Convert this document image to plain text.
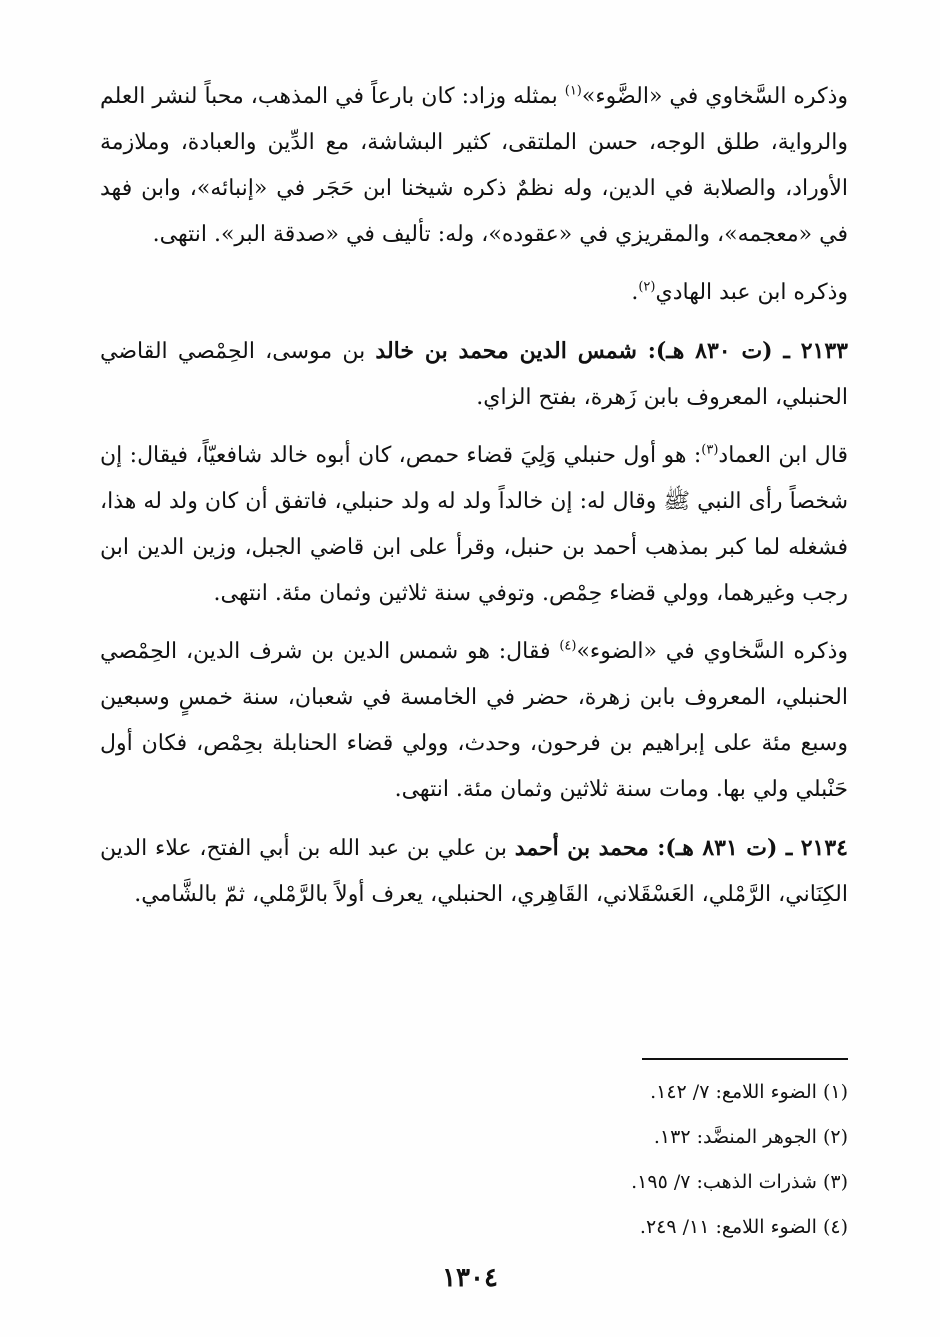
وذكره السَّخاوي في «الضَّوء»$^{(١)}$ بمثله وزاد: كان بارعاً في المذهب، محباً لنشر العلم والرواية، طلق الوجه، حسن الملتقى، كثير البشاشة، مع الدِّين والعبادة، وملازمة الأوراد، والصلابة في الدين، وله نظمٌ ذكره شيخنا ابن حَجَر في «إنبائه»، وابن فهد في «معجمه»، والمقريزي في «عقوده»، وله: تأليف في «صدقة البر». انتهى.

وذكره ابن عبد الهادي$^{(٢)}$.

٢١٣٣ ـ (ت ٨٣٠ هـ): شمس الدين محمد بن خالد بن موسى، الحِمْصي القاضي الحنبلي، المعروف بابن زَهرة، بفتح الزاي.

قال ابن العماد$^{(٣)}$: هو أول حنبلي وَلِيَ قضاء حمص، كان أبوه خالد شافعيّاً، فيقال: إن شخصاً رأى النبي ﷺ وقال له: إن خالداً ولد له ولد حنبلي، فاتفق أن كان ولد له هذا، فشغله لما كبر بمذهب أحمد بن حنبل، وقرأ على ابن قاضي الجبل، وزين الدين ابن رجب وغيرهما، وولي قضاء حِمْص. وتوفي سنة ثلاثين وثمان مئة. انتهى.

وذكره السَّخاوي في «الضوء»$^{(٤)}$ فقال: هو شمس الدين بن شرف الدين، الحِمْصي الحنبلي، المعروف بابن زهرة، حضر في الخامسة في شعبان، سنة خمسٍ وسبعين وسبع مئة على إبراهيم بن فرحون، وحدث، وولي قضاء الحنابلة بحِمْص، فكان أول حَنْبلي ولي بها. ومات سنة ثلاثين وثمان مئة. انتهى.

٢١٣٤ ـ (ت ٨٣١ هـ): محمد بن أحمد بن علي بن عبد الله بن أبي الفتح، علاء الدين الكِنَاني، الرَّمْلي، العَسْقَلاني، القَاهِري، الحنبلي، يعرف أولاً بالرَّمْلي، ثمّ بالشَّامي.

(١) الضوء اللامع: ٧/ ١٤٢.

(٢) الجوهر المنضَّد: ١٣٢.

(٣) شذرات الذهب: ٧/ ١٩٥.

(٤) الضوء اللامع: ١١/ ٢٤٩.

١٣٠٤
